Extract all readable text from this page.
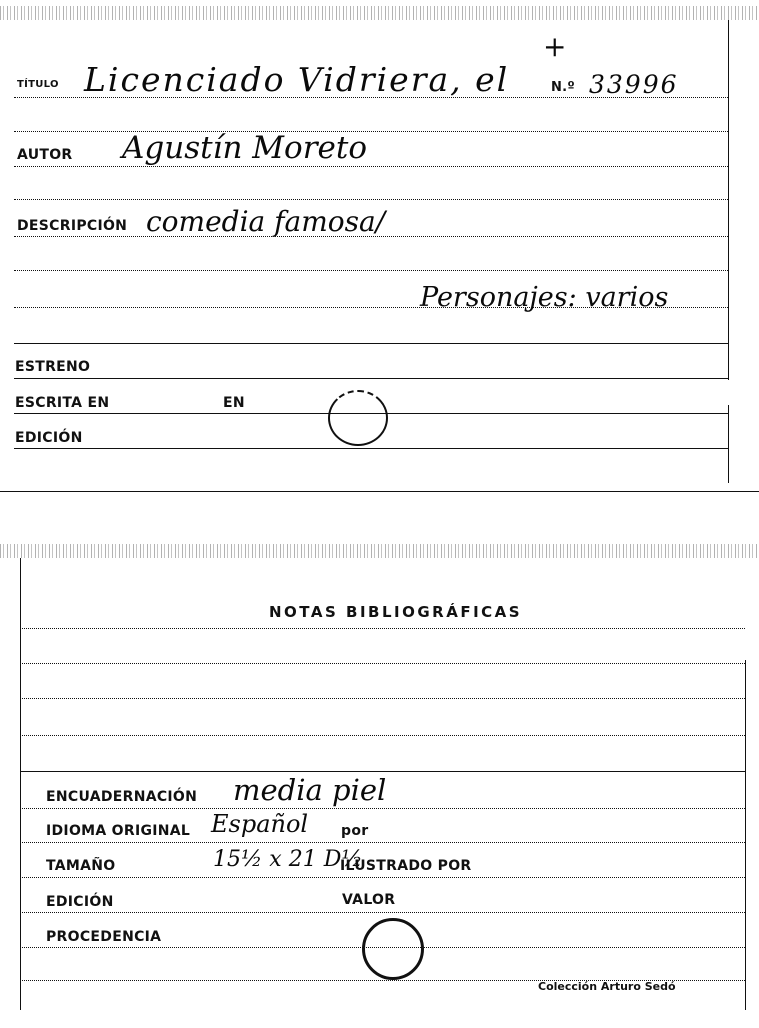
TÍTULO Licenciado Vidriera, el
+
N.º 33996
AUTOR Agustín Moreto
DESCRIPCIÓN comedia famosa/
Personajes: varios
ESTRENO
ESCRITA EN	EN
EDICIÓN
NOTAS BIBLIOGRÁFICAS
ENCUADERNACIÓN media piel
IDIOMA ORIGINAL Español por
TAMAÑO	15½ x 21 D½
ILUSTRADO POR
EDICIÓN	VALOR
PROCEDENCIA
Colección Arturo Sedó
